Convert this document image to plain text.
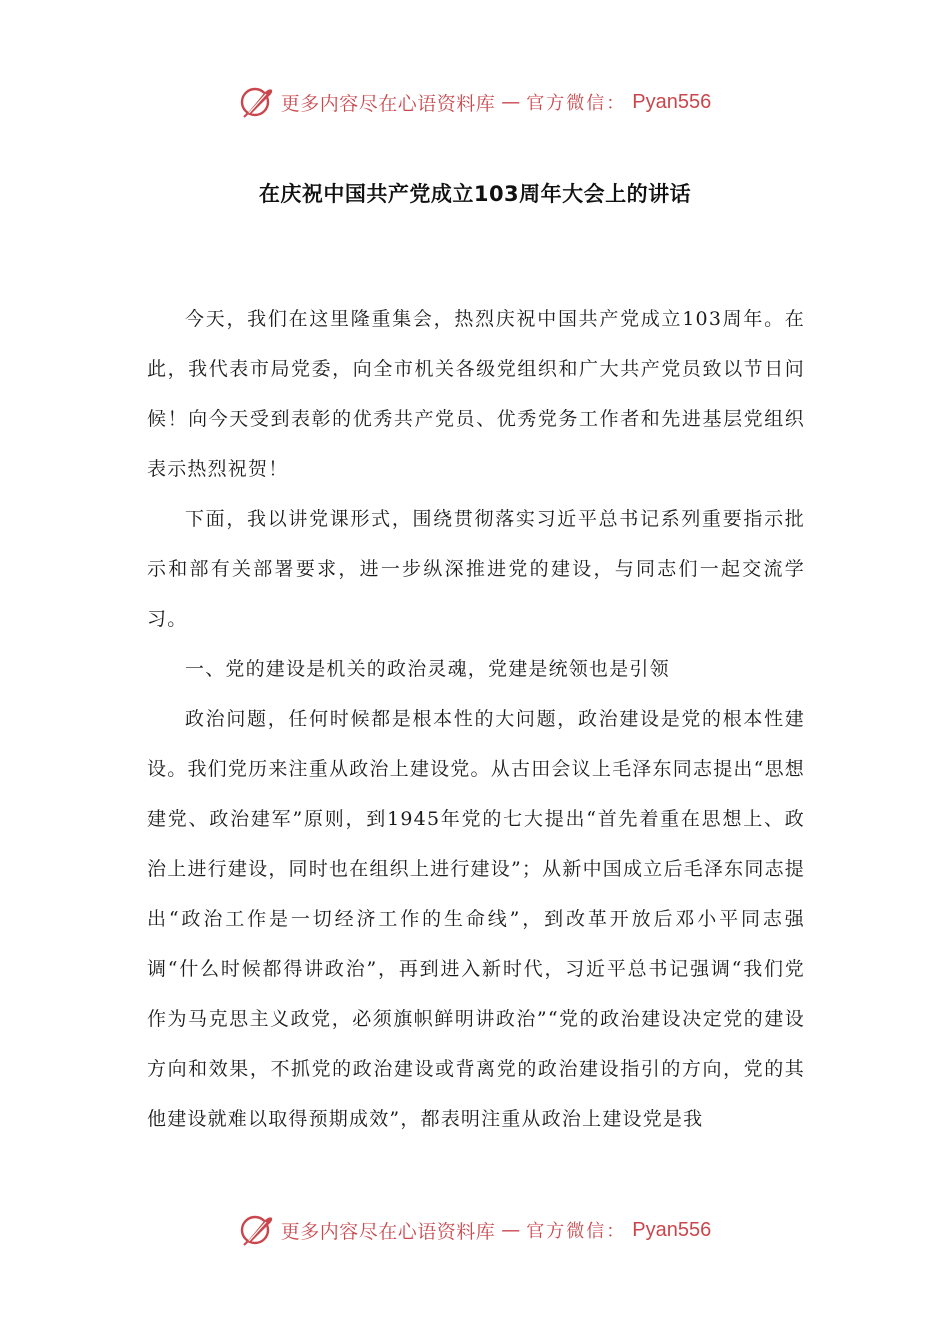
更多内容尽在心语资料库 — 官方微信： Pyan556
在庆祝中国共产党成立103周年大会上的讲话

今天，我们在这里隆重集会，热烈庆祝中国共产党成立103周年。在此，我代表市局党委，向全市机关各级党组织和广大共产党员致以节日问候！向今天受到表彰的优秀共产党员、优秀党务工作者和先进基层党组织表示热烈祝贺！

下面，我以讲党课形式，围绕贯彻落实习近平总书记系列重要指示批示和部有关部署要求，进一步纵深推进党的建设，与同志们一起交流学习。

一、党的建设是机关的政治灵魂，党建是统领也是引领

政治问题，任何时候都是根本性的大问题，政治建设是党的根本性建设。我们党历来注重从政治上建设党。从古田会议上毛泽东同志提出“思想建党、政治建军”原则，到1945年党的七大提出“首先着重在思想上、政治上进行建设，同时也在组织上进行建设”；从新中国成立后毛泽东同志提出“政治工作是一切经济工作的生命线”，到改革开放后邓小平同志强调“什么时候都得讲政治”，再到进入新时代，习近平总书记强调“我们党作为马克思主义政党，必须旗帜鲜明讲政治”“党的政治建设决定党的建设方向和效果，不抓党的政治建设或背离党的政治建设指引的方向，党的其他建设就难以取得预期成效”，都表明注重从政治上建设党是我

更多内容尽在心语资料库 — 官方微信： Pyan556
